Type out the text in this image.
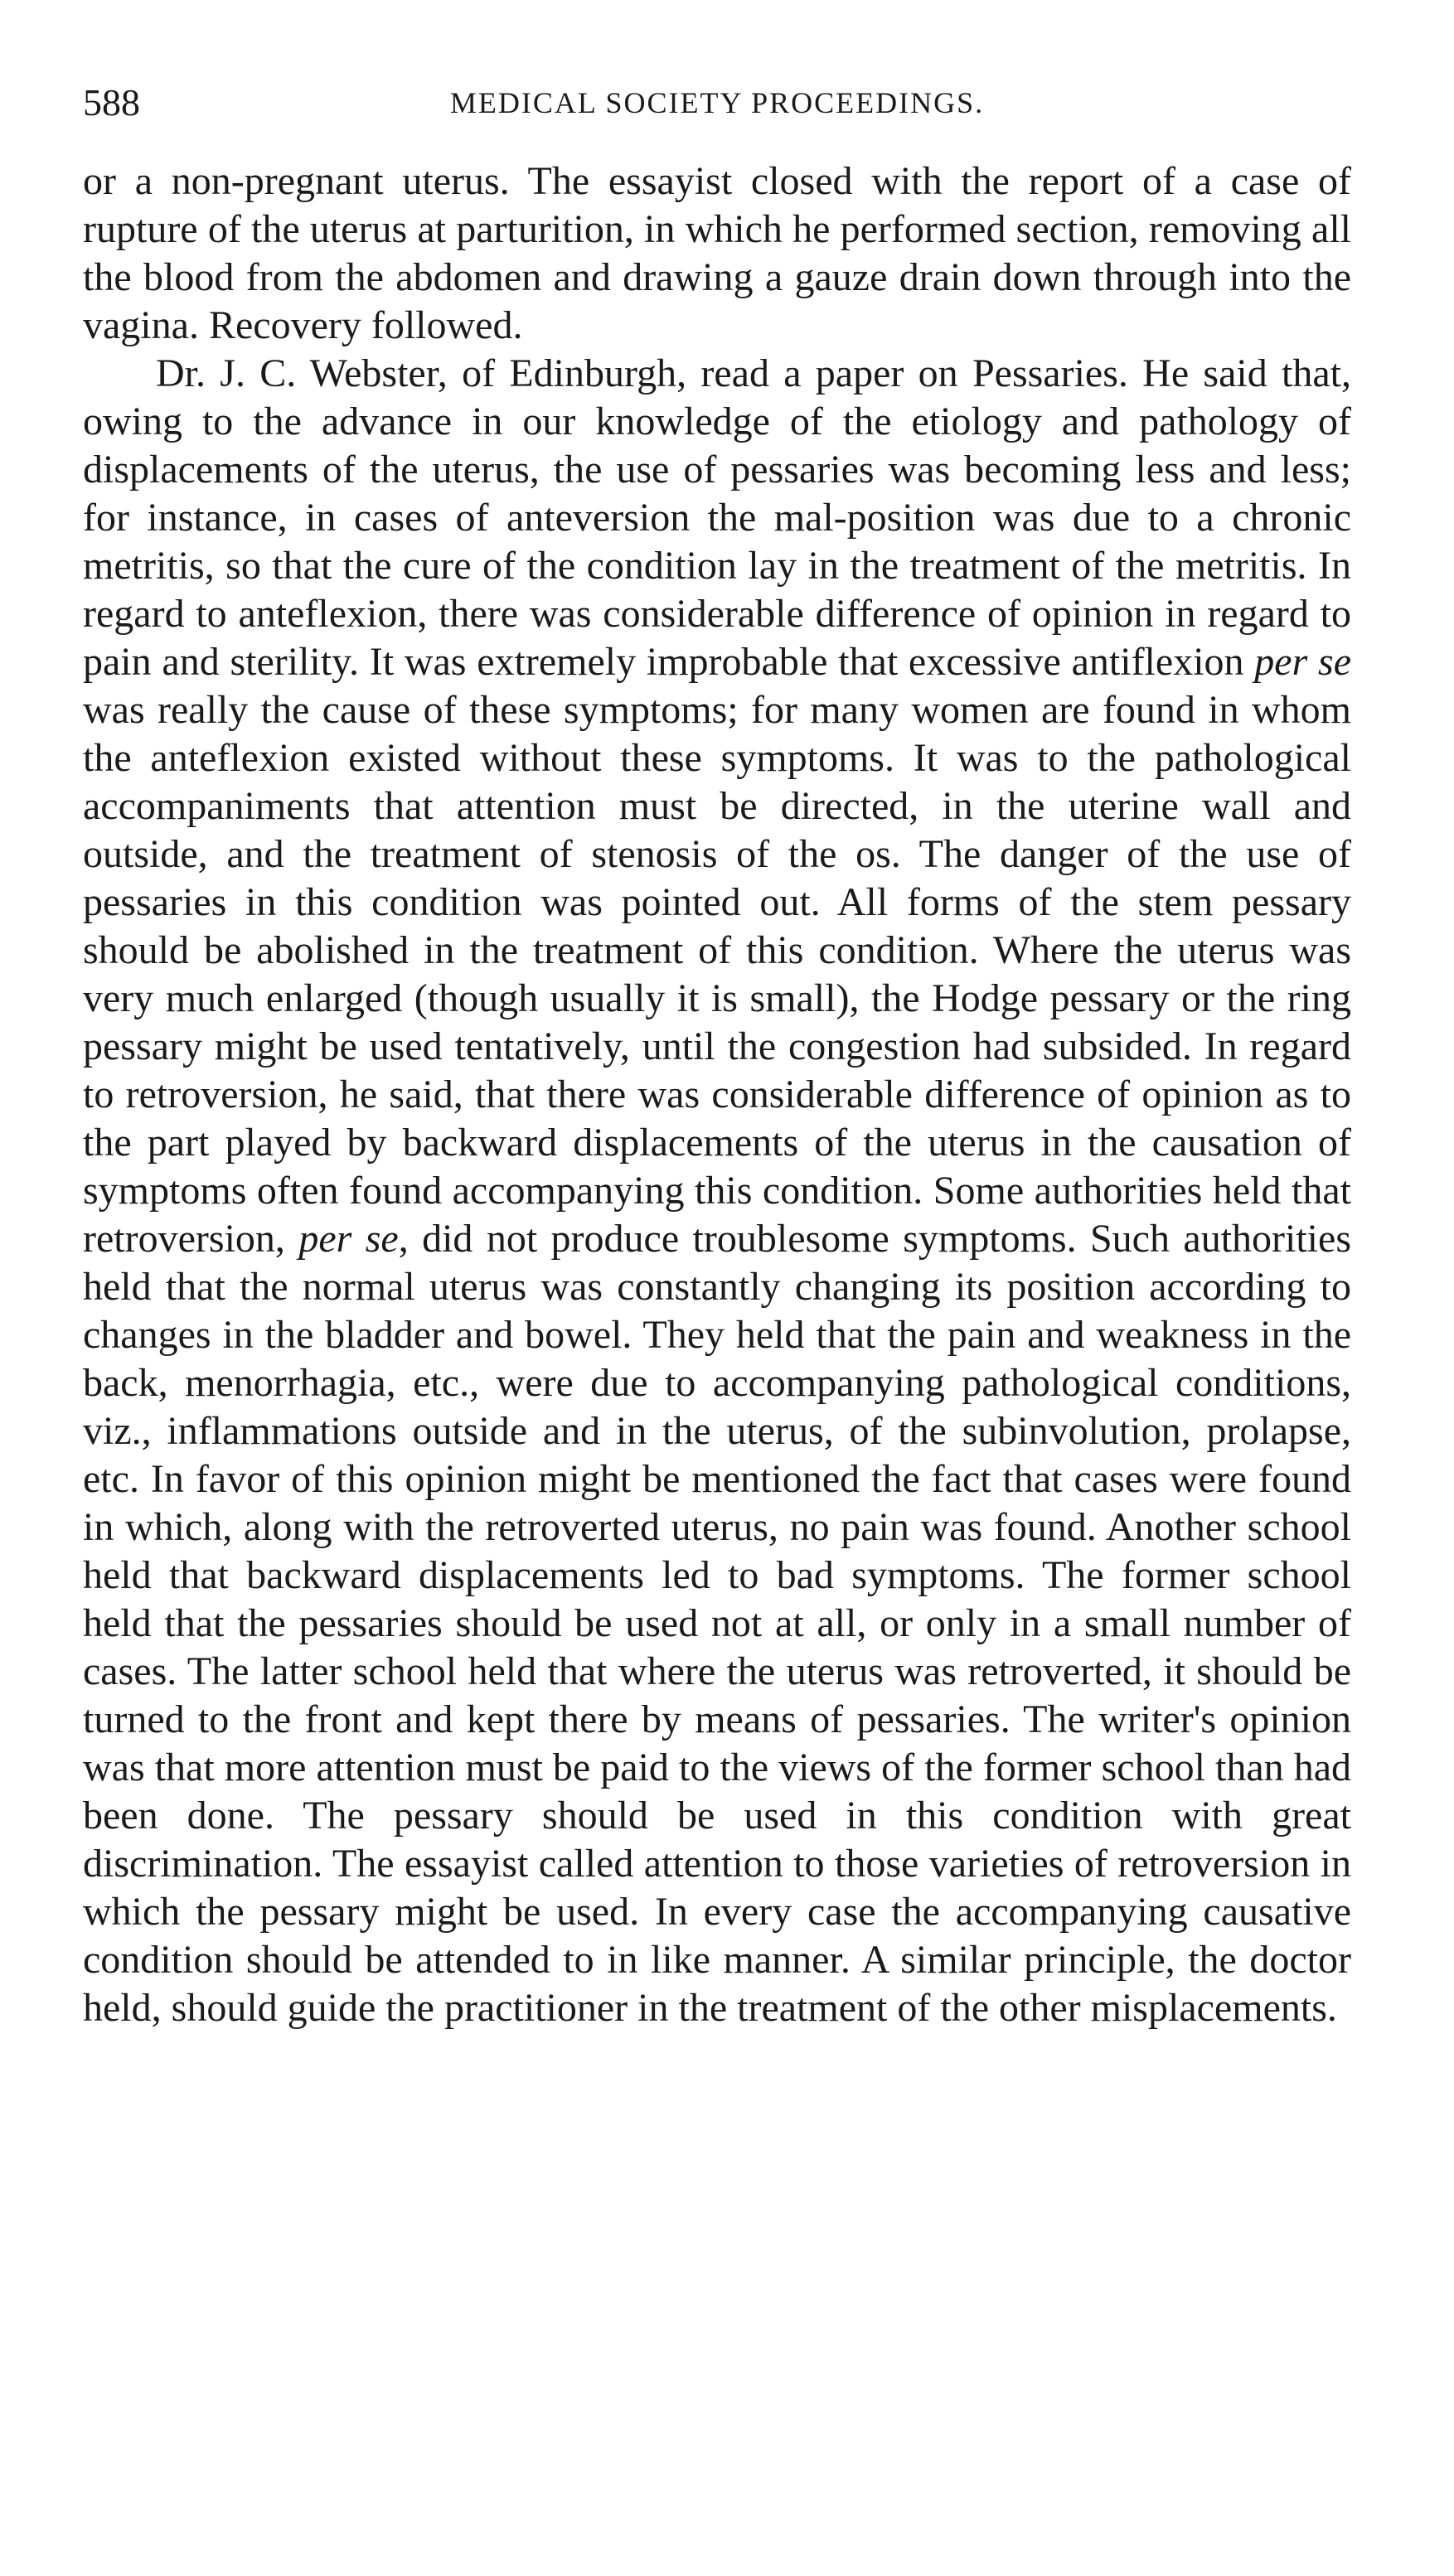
588	MEDICAL SOCIETY PROCEEDINGS.

or a non-pregnant uterus. The essayist closed with the report of a case of rupture of the uterus at parturition, in which he performed section, removing all the blood from the abdomen and drawing a gauze drain down through into the vagina. Recovery followed.

Dr. J. C. Webster, of Edinburgh, read a paper on Pessaries. He said that, owing to the advance in our knowledge of the etiology and pathology of displacements of the uterus, the use of pessaries was becoming less and less; for instance, in cases of anteversion the mal-position was due to a chronic metritis, so that the cure of the condition lay in the treatment of the metritis. In regard to anteflexion, there was considerable difference of opinion in regard to pain and sterility. It was extremely improbable that excessive antiflexion per se was really the cause of these symptoms; for many women are found in whom the anteflexion existed without these symptoms. It was to the pathological accompaniments that attention must be directed, in the uterine wall and outside, and the treatment of stenosis of the os. The danger of the use of pessaries in this condition was pointed out. All forms of the stem pessary should be abolished in the treatment of this condition. Where the uterus was very much enlarged (though usually it is small), the Hodge pessary or the ring pessary might be used tentatively, until the congestion had subsided. In regard to retroversion, he said, that there was considerable difference of opinion as to the part played by backward displacements of the uterus in the causation of symptoms often found accompanying this condition. Some authorities held that retroversion, per se, did not produce troublesome symptoms. Such authorities held that the normal uterus was constantly changing its position according to changes in the bladder and bowel. They held that the pain and weakness in the back, menorrhagia, etc., were due to accompanying pathological conditions, viz., inflammations outside and in the uterus, of the subinvolution, prolapse, etc. In favor of this opinion might be mentioned the fact that cases were found in which, along with the retroverted uterus, no pain was found. Another school held that backward displacements led to bad symptoms. The former school held that the pessaries should be used not at all, or only in a small number of cases. The latter school held that where the uterus was retroverted, it should be turned to the front and kept there by means of pessaries. The writer's opinion was that more attention must be paid to the views of the former school than had been done. The pessary should be used in this condition with great discrimination. The essayist called attention to those varieties of retroversion in which the pessary might be used. In every case the accompanying causative condition should be attended to in like manner. A similar principle, the doctor held, should guide the practitioner in the treatment of the other misplacements.
